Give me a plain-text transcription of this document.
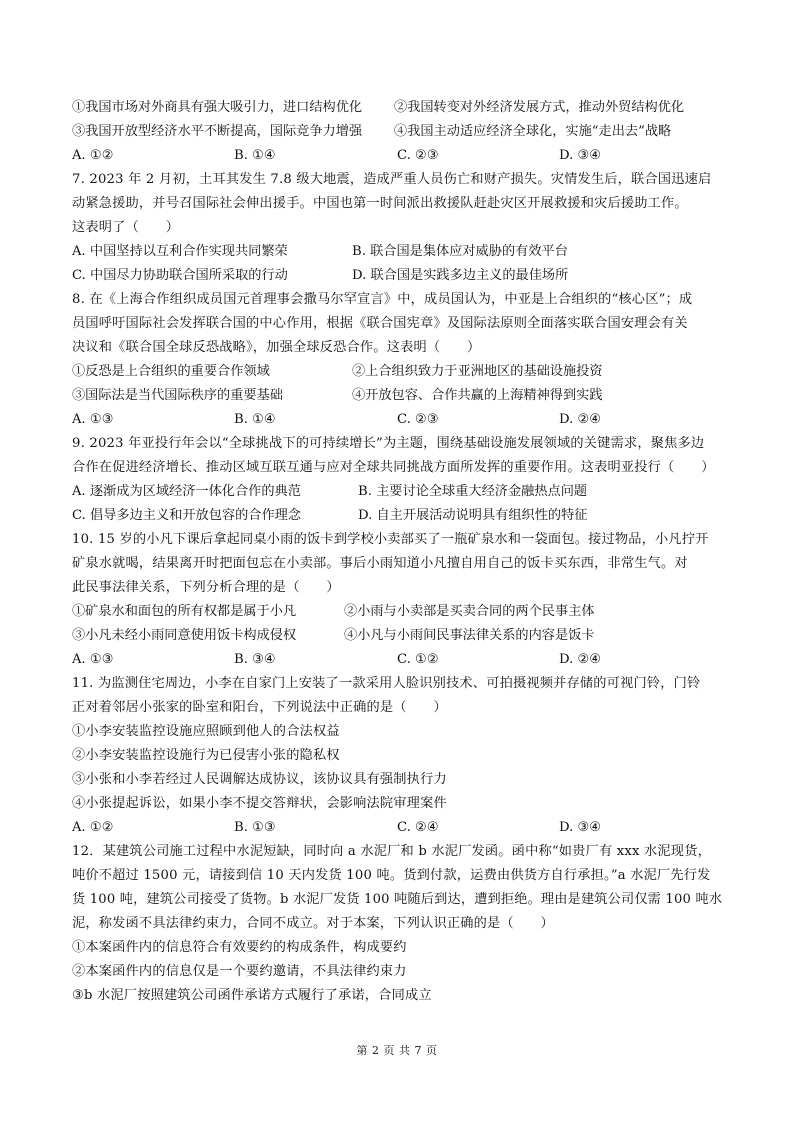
①我国市场对外商具有强大吸引力，进口结构优化 ②我国转变对外经济发展方式，推动外贸结构优化
③我国开放型经济水平不断提高，国际竞争力增强 ④我国主动适应经济全球化，实施“走出去”战略
A. ①②	B. ①④	C. ②③	D. ③④
7. 2023 年 2 月初，土耳其发生 7.8 级大地震，造成严重人员伤亡和财产损失。灾情发生后，联合国迅速启
动紧急援助，并号召国际社会伸出援手。中国也第一时间派出救援队赶赴灾区开展救援和灾后援助工作。
这表明了（　　）
A. 中国坚持以互利合作实现共同繁荣	B. 联合国是集体应对威胁的有效平台
C. 中国尽力协助联合国所采取的行动	D. 联合国是实践多边主义的最佳场所
8. 在《上海合作组织成员国元首理事会撒马尔罕宣言》中，成员国认为，中亚是上合组织的“核心区”；成
员国呼吁国际社会发挥联合国的中心作用，根据《联合国宪章》及国际法原则全面落实联合国安理会有关
决议和《联合国全球反恐战略》，加强全球反恐合作。这表明（　　）
①反恐是上合组织的重要合作领域	②上合组织致力于亚洲地区的基础设施投资
③国际法是当代国际秩序的重要基础	④开放包容、合作共赢的上海精神得到实践
A. ①③	B. ①④	C. ②③	D. ②④
9. 2023 年亚投行年会以“全球挑战下的可持续增长”为主题，围绕基础设施发展领域的关键需求，聚焦多边
合作在促进经济增长、推动区域互联互通与应对全球共同挑战方面所发挥的重要作用。这表明亚投行（　　）
A. 逐渐成为区域经济一体化合作的典范	B. 主要讨论全球重大经济金融热点问题
C. 倡导多边主义和开放包容的合作理念	D. 自主开展活动说明具有组织性的特征
10. 15 岁的小凡下课后拿起同桌小雨的饭卡到学校小卖部买了一瓶矿泉水和一袋面包。接过物品，小凡拧开
矿泉水就喝，结果离开时把面包忘在小卖部。事后小雨知道小凡擅自用自己的饭卡买东西，非常生气。对
此民事法律关系，下列分析合理的是（　　）
①矿泉水和面包的所有权都是属于小凡	②小雨与小卖部是买卖合同的两个民事主体
③小凡未经小雨同意使用饭卡构成侵权	④小凡与小雨间民事法律关系的内容是饭卡
A. ①③	B. ③④	C. ①②	D. ②④
11. 为监测住宅周边，小李在自家门上安装了一款采用人脸识别技术、可拍摄视频并存储的可视门铃，门铃
正对着邻居小张家的卧室和阳台，下列说法中正确的是（　　）
①小李安装监控设施应照顾到他人的合法权益
②小李安装监控设施行为已侵害小张的隐私权
③小张和小李若经过人民调解达成协议，该协议具有强制执行力
④小张提起诉讼，如果小李不提交答辩状，会影响法院审理案件
A. ①②	B. ①③	C. ②④	D. ③④
12．某建筑公司施工过程中水泥短缺，同时向 a 水泥厂和 b 水泥厂发函。函中称“如贵厂有 xxx 水泥现货，
吨价不超过 1500 元，请接到信 10 天内发货 100 吨。货到付款，运费由供货方自行承担。”a 水泥厂先行发
货 100 吨，建筑公司接受了货物。b 水泥厂发货 100 吨随后到达，遭到拒绝。理由是建筑公司仅需 100 吨水
泥，称发函不具法律约束力，合同不成立。对于本案，下列认识正确的是（　　）
①本案函件内的信息符合有效要约的构成条件，构成要约
②本案函件内的信息仅是一个要约邀请，不具法律约束力
③b 水泥厂按照建筑公司函件承诺方式履行了承诺，合同成立
第 2 页 共 7 页
